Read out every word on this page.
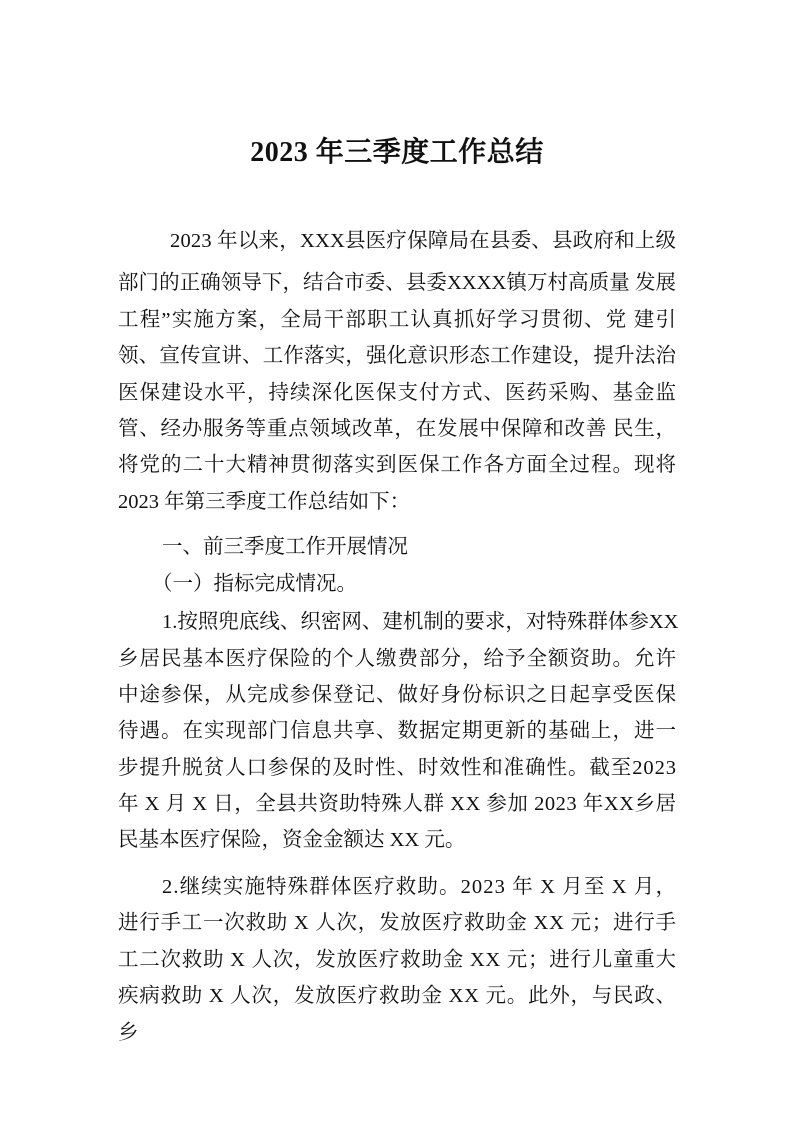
2023 年三季度工作总结
2023 年以来，XXX县医疗保障局在县委、县政府和上级
部门的正确领导下，结合市委、县委XXXX镇万村高质量 发展
工程”实施方案，全局干部职工认真抓好学习贯彻、党 建引
领、宣传宣讲、工作落实，强化意识形态工作建设，提升法治
医保建设水平，持续深化医保支付方式、医药采购、基金监
管、经办服务等重点领域改革，在发展中保障和改善 民生，
将党的二十大精神贯彻落实到医保工作各方面全过程。现将
2023 年第三季度工作总结如下：
一、前三季度工作开展情况
（一）指标完成情况。
1.按照兜底线、织密网、建机制的要求，对特殊群体参XX
乡居民基本医疗保险的个人缴费部分，给予全额资助。允许
中途参保，从完成参保登记、做好身份标识之日起享受医保
待遇。在实现部门信息共享、数据定期更新的基础上，进一
步提升脱贫人口参保的及时性、时效性和准确性。截至2023
年 X 月 X 日，全县共资助特殊人群 XX 参加 2023 年XX乡居
民基本医疗保险，资金金额达 XX 元。
2.继续实施特殊群体医疗救助。2023 年 X 月至 X 月，
进行手工一次救助 X 人次，发放医疗救助金 XX 元；进行手
工二次救助 X 人次，发放医疗救助金 XX 元；进行儿童重大
疾病救助 X 人次，发放医疗救助金 XX 元。此外，与民政、
乡
